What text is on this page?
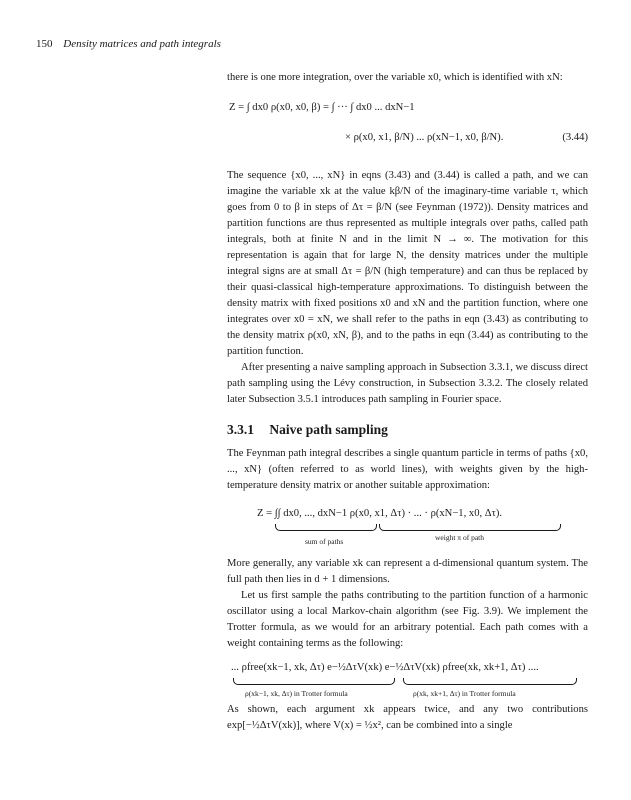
150 Density matrices and path integrals

there is one more integration, over the variable x0, which is identified with xN:

Z = ∫ dx0 ρ(x0, x0, β) = ∫ ··· ∫ dx0 ... dxN−1
× ρ(x0, x1, β/N) ... ρ(xN−1, x0, β/N).	(3.44)

The sequence {x0, ..., xN} in eqns (3.43) and (3.44) is called a path, and we can imagine the variable xk at the value kβ/N of the imaginary-time variable τ, which goes from 0 to β in steps of Δτ = β/N (see Feynman (1972)). Density matrices and partition functions are thus represented as multiple integrals over paths, called path integrals, both at finite N and in the limit N → ∞. The motivation for this representation is again that for large N, the density matrices under the multiple integral signs are at small Δτ = β/N (high temperature) and can thus be replaced by their quasi-classical high-temperature approximations. To distinguish between the density matrix with fixed positions x0 and xN and the partition function, where one integrates over x0 = xN, we shall refer to the paths in eqn (3.43) as contributing to the density matrix ρ(x0, xN, β), and to the paths in eqn (3.44) as contributing to the partition function.

After presenting a naive sampling approach in Subsection 3.3.1, we discuss direct path sampling using the Lévy construction, in Subsection 3.3.2. The closely related later Subsection 3.5.1 introduces path sampling in Fourier space.

3.3.1 Naive path sampling

The Feynman path integral describes a single quantum particle in terms of paths {x0, ..., xN} (often referred to as world lines), with weights given by the high-temperature density matrix or another suitable approximation:

Z = ∫∫ dx0, ..., dxN−1 ρ(x0, x1, Δτ) · ... · ρ(xN−1, x0, Δτ).
sum of paths	weight π of path

More generally, any variable xk can represent a d-dimensional quantum system. The full path then lies in d + 1 dimensions.

Let us first sample the paths contributing to the partition function of a harmonic oscillator using a local Markov-chain algorithm (see Fig. 3.9). We implement the Trotter formula, as we would for an arbitrary potential. Each path comes with a weight containing terms as the following:

... ρfree(xk−1, xk, Δτ) e−½ΔτV(xk) e−½ΔτV(xk) ρfree(xk, xk+1, Δτ) ....
ρ(xk−1, xk, Δτ) in Trotter formula	ρ(xk, xk+1, Δτ) in Trotter formula

As shown, each argument xk appears twice, and any two contributions exp[−½ΔτV(xk)], where V(x) = ½x², can be combined into a single
